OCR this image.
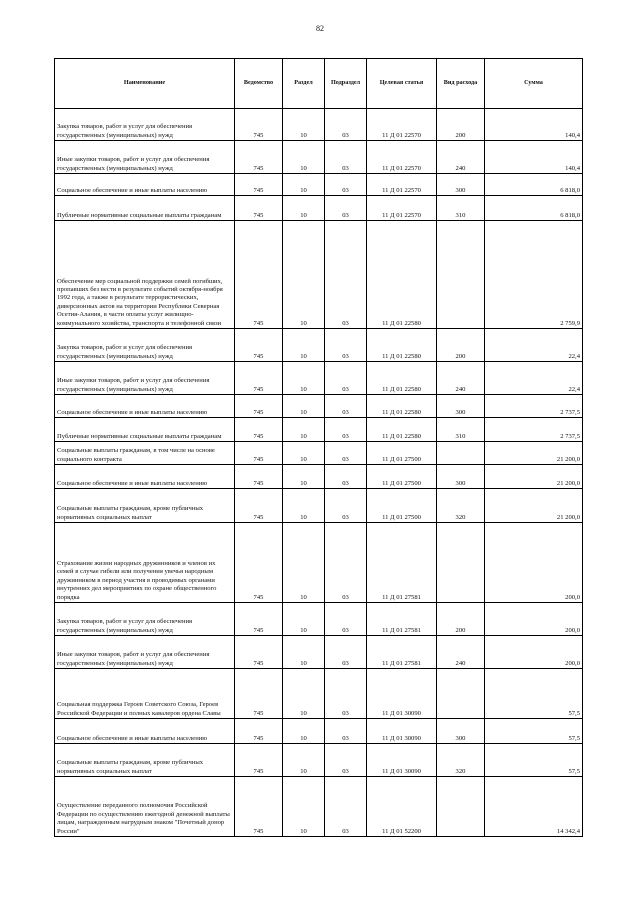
82
Наименование	Ведомство	Раздел	Подраздел	Целевая статья	Вид расхода	Сумма
Закупка товаров, работ и услуг для обеспечения государственных (муниципальных) нужд	745	10	03	11 Д 01 22570	200	140,4
Иные закупки товаров, работ и услуг для обеспечения государственных (муниципальных) нужд	745	10	03	11 Д 01 22570	240	140,4
Социальное обеспечение и иные выплаты населению	745	10	03	11 Д 01 22570	300	6 818,0
Публичные нормативные социальные выплаты гражданам	745	10	03	11 Д 01 22570	310	6 818,0
Обеспечение мер социальной поддержки семей погибших, пропавших без вести в результате событий октября-ноября 1992 года, а также в результате террористических, диверсионных актов на территории Республики Северная Осетия-Алания, в части оплаты услуг жилищно-коммунального хозяйства, транспорта и телефонной связи	745	10	03	11 Д 01 22580		2 759,9
Закупка товаров, работ и услуг для обеспечения государственных (муниципальных) нужд	745	10	03	11 Д 01 22580	200	22,4
Иные закупки товаров, работ и услуг для обеспечения государственных (муниципальных) нужд	745	10	03	11 Д 01 22580	240	22,4
Социальное обеспечение и иные выплаты населению	745	10	03	11 Д 01 22580	300	2 737,5
Публичные нормативные социальные выплаты гражданам	745	10	03	11 Д 01 22580	310	2 737,5
Социальные выплаты гражданам, в том числе на основе социального контракта	745	10	03	11 Д 01 27500		21 200,0
Социальное обеспечение и иные выплаты населению	745	10	03	11 Д 01 27500	300	21 200,0
Социальные выплаты гражданам, кроме публичных нормативных социальных выплат	745	10	03	11 Д 01 27500	320	21 200,0
Страхование жизни народных дружинников и членов их семей в случае гибели или получения увечья народным дружинником в период участия в проводимых органами внутренних дел мероприятиях по охране общественного порядка	745	10	03	11 Д 01 27581		200,0
Закупка товаров, работ и услуг для обеспечения государственных (муниципальных) нужд	745	10	03	11 Д 01 27581	200	200,0
Иные закупки товаров, работ и услуг для обеспечения государственных (муниципальных) нужд	745	10	03	11 Д 01 27581	240	200,0
Социальная поддержка Героев Советского Союза, Героев Российской Федерации и полных кавалеров ордена Славы	745	10	03	11 Д 01 30090		57,5
Социальное обеспечение и иные выплаты населению	745	10	03	11 Д 01 30090	300	57,5
Социальные выплаты гражданам, кроме публичных нормативных социальных выплат	745	10	03	11 Д 01 30090	320	57,5
Осуществление переданного полномочия Российской Федерации по осуществлению ежегодной денежной выплаты лицам, награжденным нагрудным знаком "Почетный донор России"	745	10	03	11 Д 01 52200		14 342,4
